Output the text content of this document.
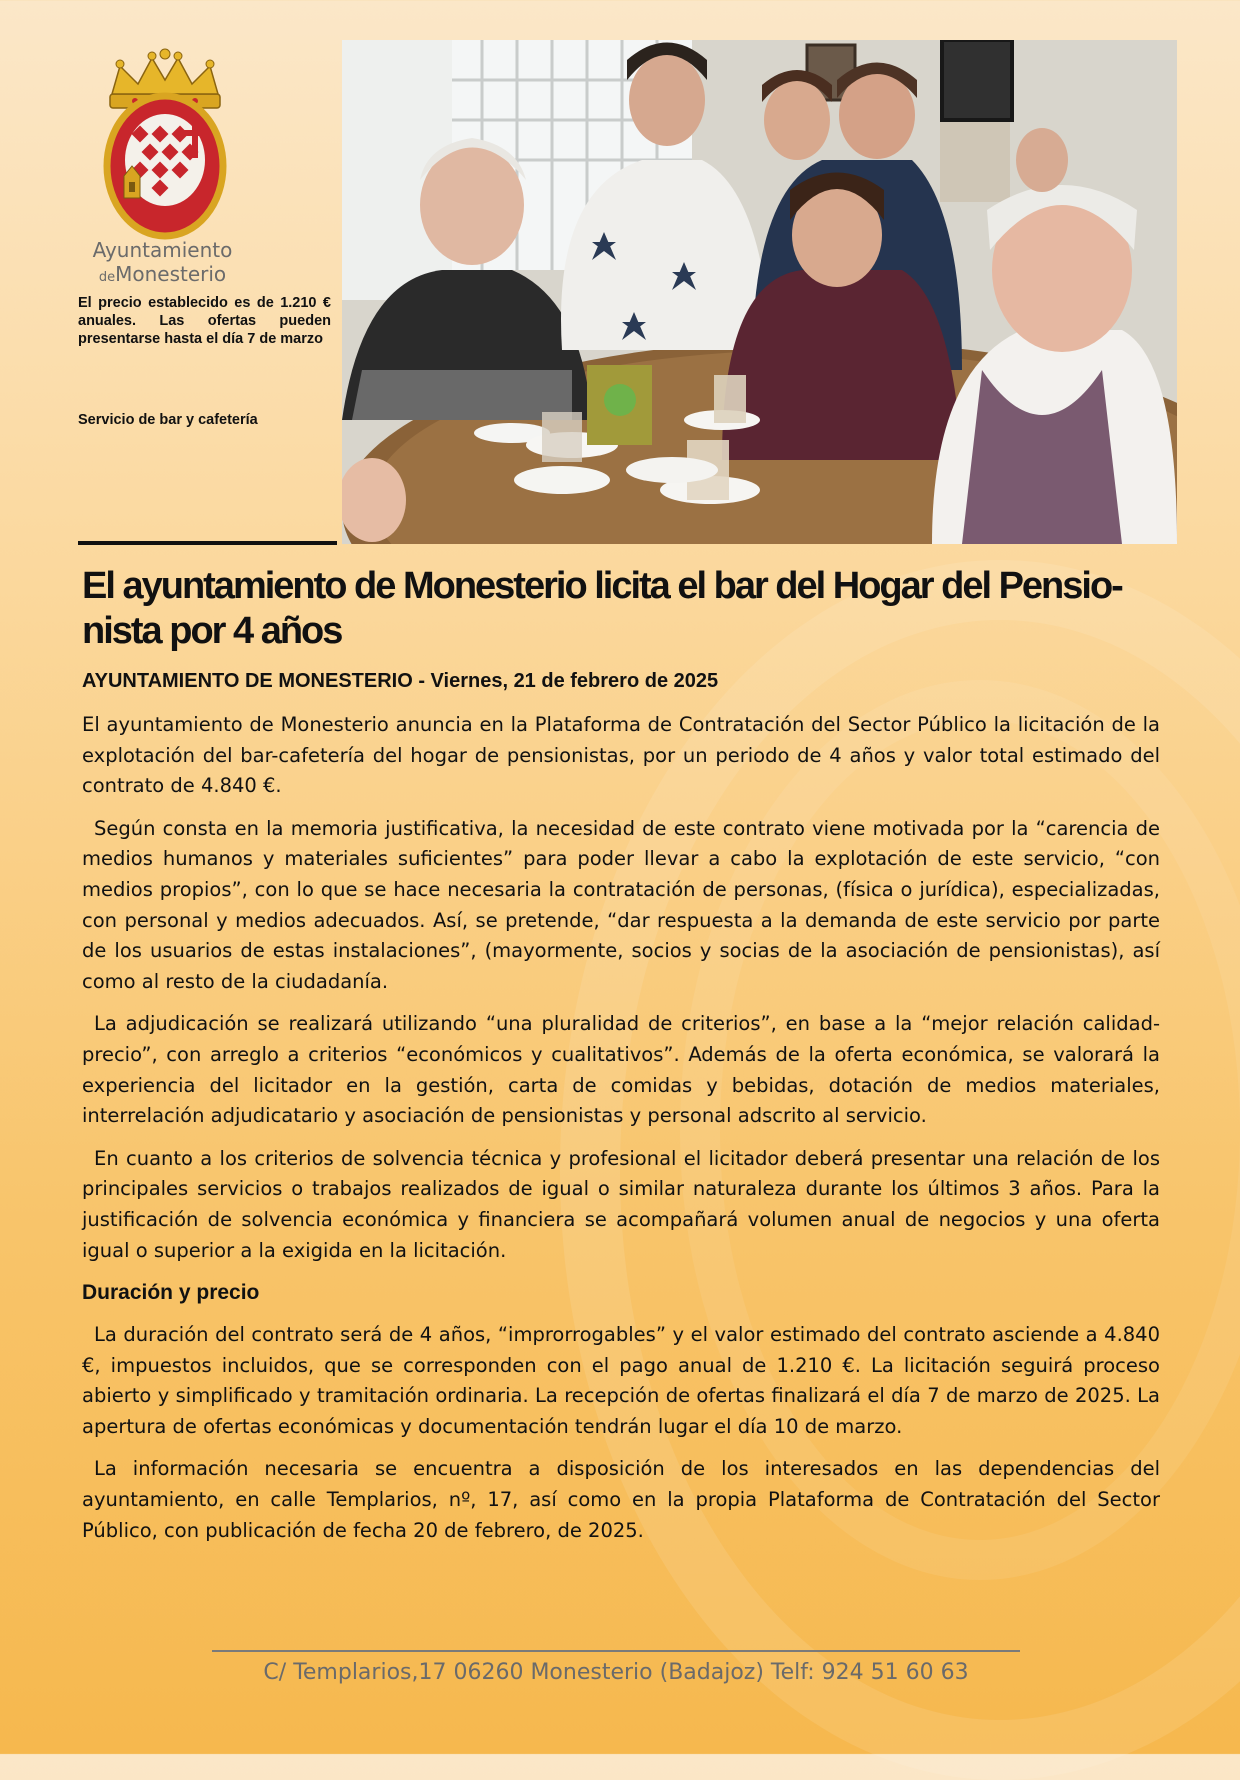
Ayuntamiento
deMonesterio
El precio establecido es de 1.210 € anuales. Las ofertas pueden presentarse hasta el día 7 de marzo
Servicio de bar y cafetería
El ayuntamiento de Monesterio licita el bar del Hogar del Pensio-nista por 4 años

AYUNTAMIENTO DE MONESTERIO - Viernes, 21 de febrero de 2025

El ayuntamiento de Monesterio anuncia en la Plataforma de Contratación del Sector Público la licitación de la explotación del bar-cafetería del hogar de pensionistas, por un periodo de 4 años y valor total estimado del contrato de 4.840 €.

Según consta en la memoria justificativa, la necesidad de este contrato viene motivada por la “carencia de medios humanos y materiales suficientes” para poder llevar a cabo la explotación de este servicio, “con medios propios”, con lo que se hace necesaria la contratación de personas, (física o jurídica), especializadas, con personal y medios adecuados. Así, se pretende, “dar respuesta a la demanda de este servicio por parte de los usuarios de estas instalaciones”, (mayormente, socios y socias de la asociación de pensionistas), así como al resto de la ciudadanía.

La adjudicación se realizará utilizando “una pluralidad de criterios”, en base a la “mejor relación calidad-precio”, con arreglo a criterios “económicos y cualitativos”. Además de la oferta económica, se valorará la experiencia del licitador en la gestión, carta de comidas y bebidas, dotación de medios materiales, interrelación adjudicatario y asociación de pensionistas y personal adscrito al servicio.

En cuanto a los criterios de solvencia técnica y profesional el licitador deberá presentar una relación de los principales servicios o trabajos realizados de igual o similar naturaleza durante los últimos 3 años. Para la justificación de solvencia económica y financiera se acompañará volumen anual de negocios y una oferta igual o superior a la exigida en la licitación.

Duración y precio

La duración del contrato será de 4 años, “improrrogables” y el valor estimado del contrato asciende a 4.840 €, impuestos incluidos, que se corresponden con el pago anual de 1.210 €. La licitación seguirá proceso abierto y simplificado y tramitación ordinaria. La recepción de ofertas finalizará el día 7 de marzo de 2025. La apertura de ofertas económicas y documentación tendrán lugar el día 10 de marzo.

La información necesaria se encuentra a disposición de los interesados en las dependencias del ayuntamiento, en calle Templarios, nº, 17, así como en la propia Plataforma de Contratación del Sector Público, con publicación de fecha 20 de febrero, de 2025.

C/ Templarios,17 06260 Monesterio (Badajoz) Telf: 924 51 60 63
